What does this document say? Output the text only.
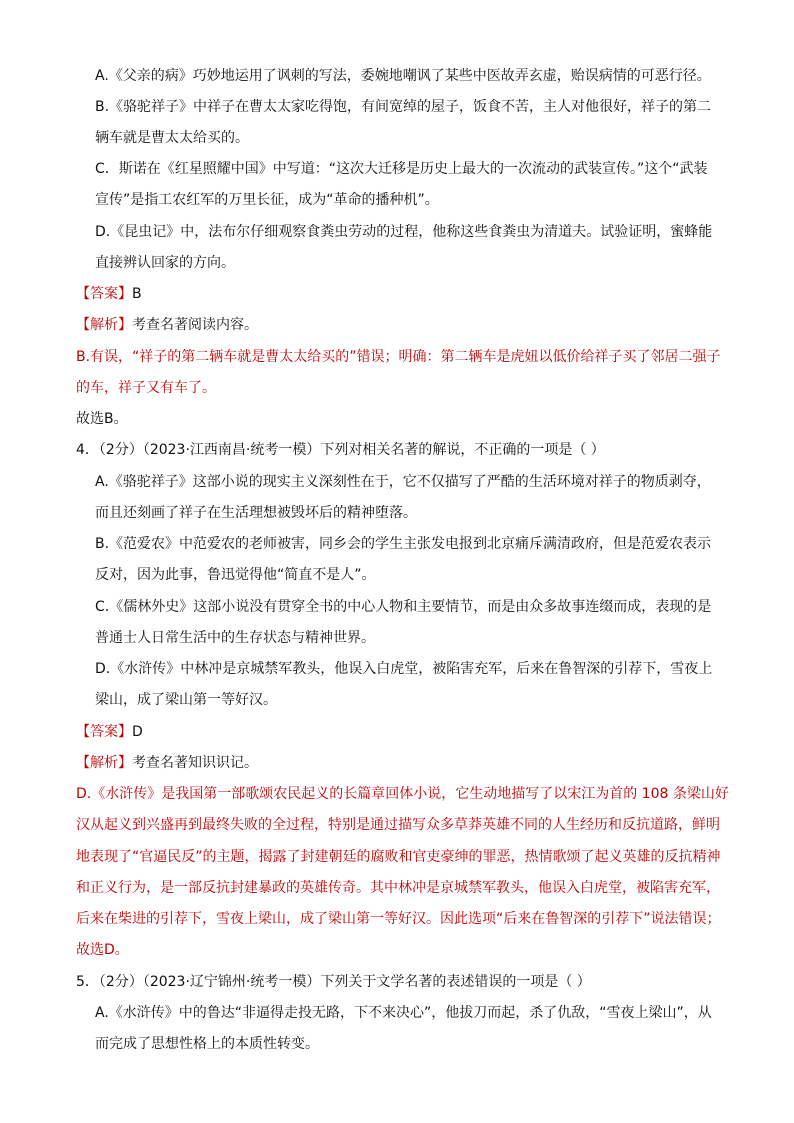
A.《父亲的病》巧妙地运用了讽刺的写法，委婉地嘲讽了某些中医故弄玄虚，贻误病情的可恶行径。
B.《骆驼祥子》中祥子在曹太太家吃得饱，有间宽绰的屋子，饭食不苦，主人对他很好，祥子的第二
辆车就是曹太太给买的。
C．斯诺在《红星照耀中国》中写道：“这次大迁移是历史上最大的一次流动的武装宣传。”这个“武装
宣传”是指工农红军的万里长征，成为“革命的播种机”。
D.《昆虫记》中，法布尔仔细观察食粪虫劳动的过程，他称这些食粪虫为清道夫。试验证明，蜜蜂能
直接辨认回家的方向。
【答案】B
【解析】考查名著阅读内容。
B.有误，“祥子的第二辆车就是曹太太给买的”错误；明确：第二辆车是虎妞以低价给祥子买了邻居二强子
的车，祥子又有车了。
故选B。
4．（2分）（2023·江西南昌·统考一模）下列对相关名著的解说，不正确的一项是（ ）
A.《骆驼祥子》这部小说的现实主义深刻性在于，它不仅描写了严酷的生活环境对祥子的物质剥夺，
而且还刻画了祥子在生活理想被毁坏后的精神堕落。
B.《范爱农》中范爱农的老师被害，同乡会的学生主张发电报到北京痛斥满清政府，但是范爱农表示
反对，因为此事，鲁迅觉得他“简直不是人”。
C.《儒林外史》这部小说没有贯穿全书的中心人物和主要情节，而是由众多故事连缀而成，表现的是
普通士人日常生活中的生存状态与精神世界。
D.《水浒传》中林冲是京城禁军教头，他误入白虎堂，被陷害充军，后来在鲁智深的引荐下，雪夜上
梁山，成了梁山第一等好汉。
【答案】D
【解析】考查名著知识识记。
D.《水浒传》是我国第一部歌颂农民起义的长篇章回体小说，它生动地描写了以宋江为首的 108 条梁山好
汉从起义到兴盛再到最终失败的全过程，特别是通过描写众多草莽英雄不同的人生经历和反抗道路，鲜明
地表现了“官逼民反”的主题，揭露了封建朝廷的腐败和官吏豪绅的罪恶，热情歌颂了起义英雄的反抗精神
和正义行为，是一部反抗封建暴政的英雄传奇。其中林冲是京城禁军教头，他误入白虎堂，被陷害充军，
后来在柴进的引荐下，雪夜上梁山，成了梁山第一等好汉。因此选项“后来在鲁智深的引荐下”说法错误；
故选D。
5．（2分）（2023·辽宁锦州·统考一模）下列关于文学名著的表述错误的一项是（ ）
A.《水浒传》中的鲁达“非逼得走投无路，下不来决心”，他拔刀而起，杀了仇敌，“雪夜上梁山”，从
而完成了思想性格上的本质性转变。
